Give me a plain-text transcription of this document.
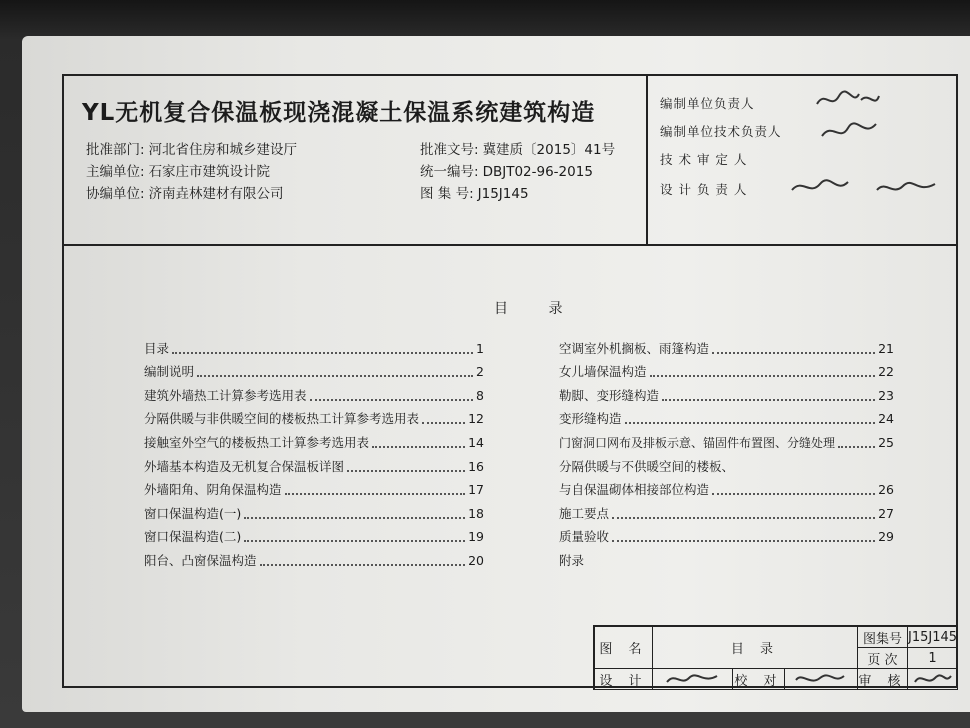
YL无机复合保温板现浇混凝土保温系统建筑构造
批准部门: 河北省住房和城乡建设厅
主编单位: 石家庄市建筑设计院
协编单位: 济南垚林建材有限公司
批准文号: 冀建质〔2015〕41号
统一编号: DBJT02-96-2015
图 集 号: J15J145
编制单位负责人
编制单位技术负责人
技 术 审 定 人
设 计 负 责 人
目 录
目录	1
编制说明	2
建筑外墙热工计算参考选用表	8
分隔供暖与非供暖空间的楼板热工计算参考选用表	12
接触室外空气的楼板热工计算参考选用表	14
外墙基本构造及无机复合保温板详图	16
外墙阳角、阴角保温构造	17
窗口保温构造(一)	18
窗口保温构造(二)	19
阳台、凸窗保温构造	20
空调室外机搁板、雨篷构造	21
女儿墙保温构造	22
勒脚、变形缝构造	23
变形缝构造	24
门窗洞口网布及排板示意、锚固件布置图、分缝处理	25
分隔供暖与不供暖空间的楼板、
与自保温砌体相接部位构造	26
施工要点	27
质量验收	29
附录
图 名	目 录
图集号 J15J145
页 次	1
设 计	校 对	审 核
